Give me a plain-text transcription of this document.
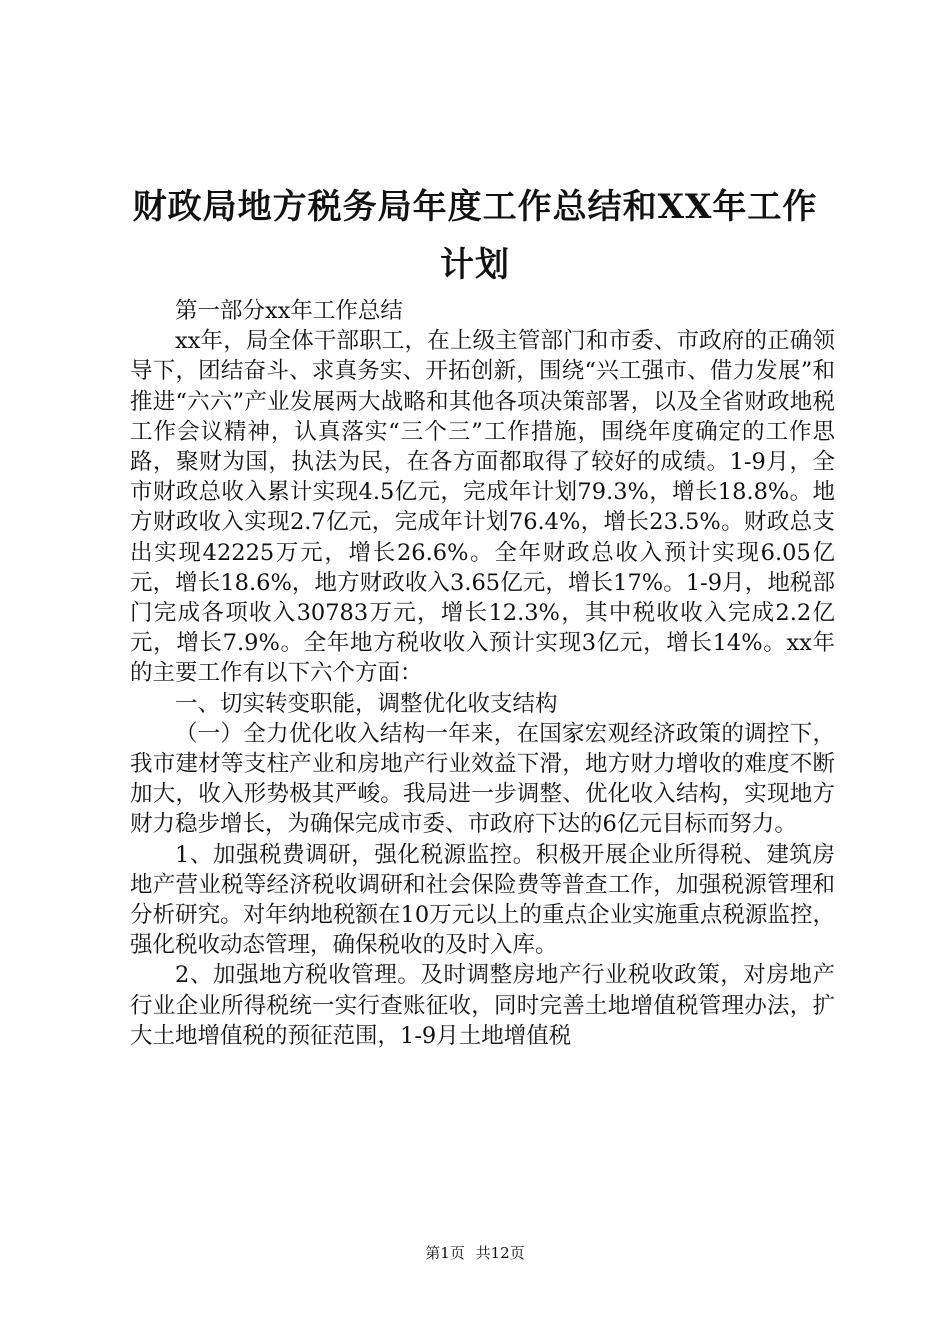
财政局地方税务局年度工作总结和XX年工作计划

第一部分xx年工作总结

xx年，局全体干部职工，在上级主管部门和市委、市政府的正确领导下，团结奋斗、求真务实、开拓创新，围绕“兴工强市、借力发展”和推进“六六”产业发展两大战略和其他各项决策部署，以及全省财政地税工作会议精神，认真落实“三个三”工作措施，围绕年度确定的工作思路，聚财为国，执法为民，在各方面都取得了较好的成绩。1-9月，全市财政总收入累计实现4.5亿元，完成年计划79.3%，增长18.8%。地方财政收入实现2.7亿元，完成年计划76.4%，增长23.5%。财政总支出实现42225万元，增长26.6%。全年财政总收入预计实现6.05亿元，增长18.6%，地方财政收入3.65亿元，增长17%。1-9月，地税部门完成各项收入30783万元，增长12.3%，其中税收收入完成2.2亿元，增长7.9%。全年地方税收收入预计实现3亿元，增长14%。xx年的主要工作有以下六个方面：

一、切实转变职能，调整优化收支结构

（一）全力优化收入结构一年来，在国家宏观经济政策的调控下，我市建材等支柱产业和房地产行业效益下滑，地方财力增收的难度不断加大，收入形势极其严峻。我局进一步调整、优化收入结构，实现地方财力稳步增长，为确保完成市委、市政府下达的6亿元目标而努力。

1、加强税费调研，强化税源监控。积极开展企业所得税、建筑房地产营业税等经济税收调研和社会保险费等普查工作，加强税源管理和分析研究。对年纳地税额在10万元以上的重点企业实施重点税源监控，强化税收动态管理，确保税收的及时入库。

2、加强地方税收管理。及时调整房地产行业税收政策，对房地产行业企业所得税统一实行查账征收，同时完善土地增值税管理办法，扩大土地增值税的预征范围，1-9月土地增值税

第1页 共12页
